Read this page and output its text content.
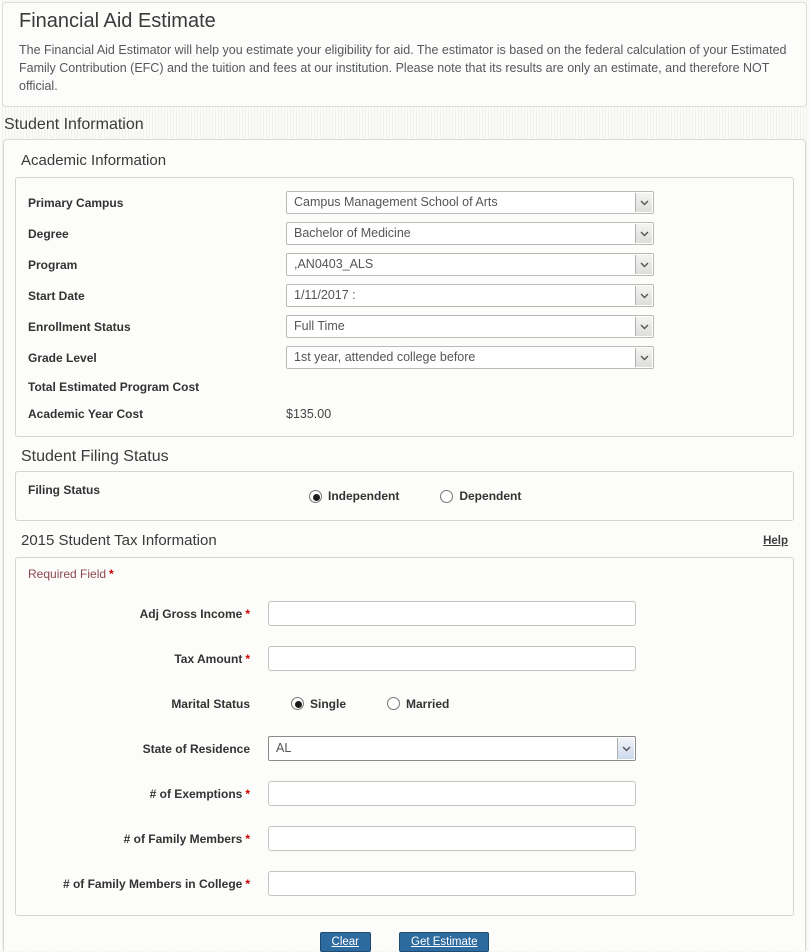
Financial Aid Estimate
The Financial Aid Estimator will help you estimate your eligibility for aid. The estimator is based on the federal calculation of your Estimated Family Contribution (EFC) and the tuition and fees at our institution. Please note that its results are only an estimate, and therefore NOT official.
Student Information
Academic Information
Primary Campus	Campus Management School of Arts
Degree	Bachelor of Medicine
Program	,AN0403_ALS
Start Date	1/11/2017 :
Enrollment Status	Full Time
Grade Level	1st year, attended college before
Total Estimated Program Cost
Academic Year Cost	$135.00
Student Filing Status
Filing Status	Independent	Dependent
2015 Student Tax Information	Help
Required Field *
Adj Gross Income *
Tax Amount *
Marital Status	Single	Married
State of Residence	AL
# of Exemptions *
# of Family Members *
# of Family Members in College *
Clear	Get Estimate
